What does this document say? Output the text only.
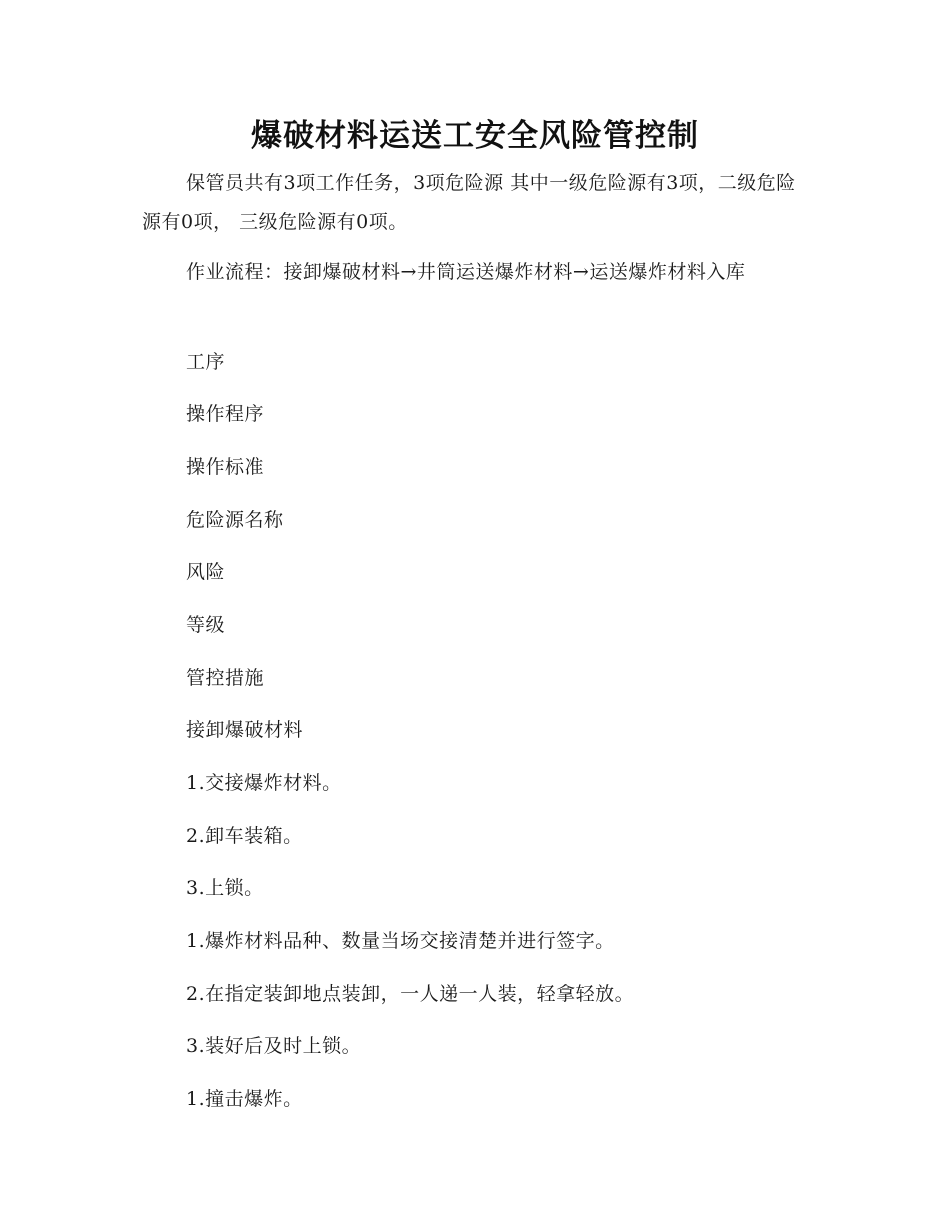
爆破材料运送工安全风险管控制
保管员共有3项工作任务，3项危险源 其中一级危险源有3项，二级危险源有0项， 三级危险源有0项。
作业流程：接卸爆破材料→井筒运送爆炸材料→运送爆炸材料入库
工序
操作程序
操作标准
危险源名称
风险
等级
管控措施
接卸爆破材料
1.交接爆炸材料。
2.卸车装箱。
3.上锁。
1.爆炸材料品种、数量当场交接清楚并进行签字。
2.在指定装卸地点装卸，一人递一人装，轻拿轻放。
3.装好后及时上锁。
1.撞击爆炸。
